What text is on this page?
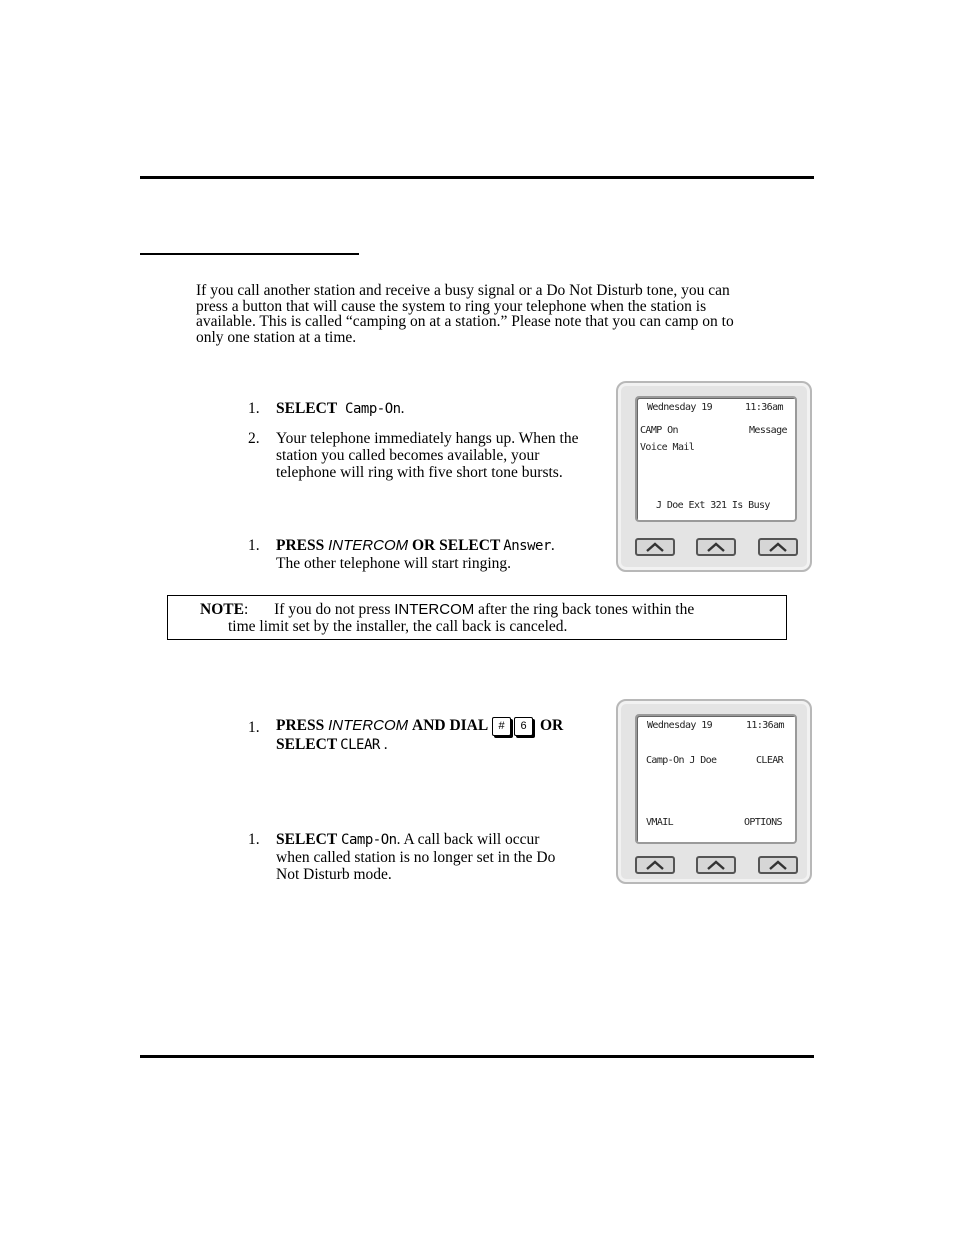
If you call another station and receive a busy signal or a Do Not Disturb tone, you can press a button that will cause the system to ring your telephone when the station is available. This is called “camping on at a station.” Please note that you can camp on to only one station at a time.
1. SELECT Camp-On.
2. Your telephone immediately hangs up. When the station you called becomes available, your telephone will ring with five short tone bursts.
1. PRESS INTERCOM OR SELECT Answer.
The other telephone will start ringing.
NOTE: If you do not press INTERCOM after the ring back tones within the
time limit set by the installer, the call back is canceled.
1. PRESS INTERCOM AND DIAL # 6 OR
SELECT CLEAR .
1. SELECT Camp-On. A call back will occur
when called station is no longer set in the Do
Not Disturb mode.
Wednesday 19	11:36am
CAMP On	Message
Voice Mail
J Doe Ext 321 Is Busy
Wednesday 19	11:36am
Camp-On J Doe	CLEAR
VMAIL	OPTIONS
